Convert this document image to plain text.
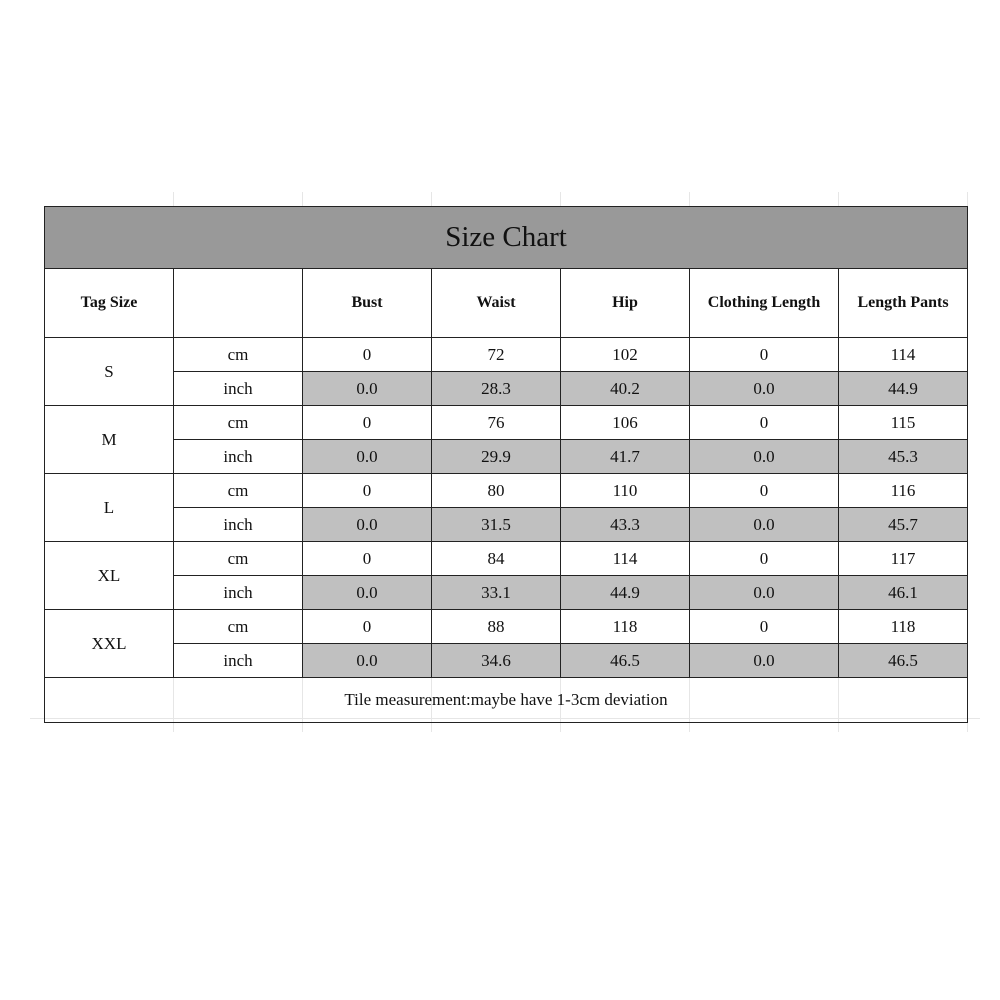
Size Chart						
Tag Size		Bust	Waist	Hip	Clothing Length	Length Pants
S	cm	0	72	102	0	114
	inch	0.0	28.3	40.2	0.0	44.9
M	cm	0	76	106	0	115
	inch	0.0	29.9	41.7	0.0	45.3
L	cm	0	80	110	0	116
	inch	0.0	31.5	43.3	0.0	45.7
XL	cm	0	84	114	0	117
	inch	0.0	33.1	44.9	0.0	46.1
XXL	cm	0	88	118	0	118
	inch	0.0	34.6	46.5	0.0	46.5
Tile measurement:maybe have 1-3cm deviation						
